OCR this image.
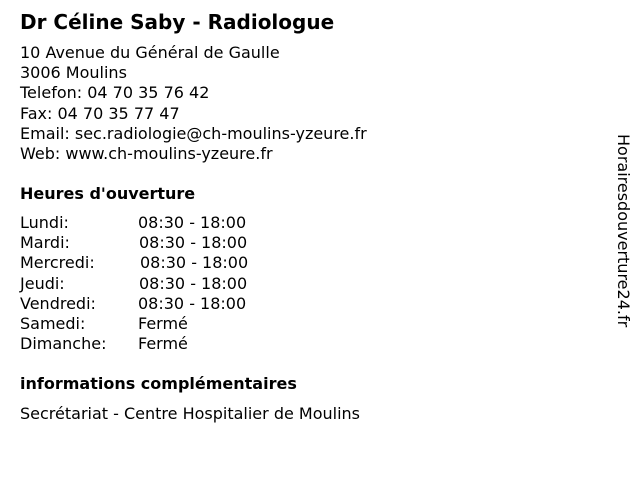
Dr Céline Saby - Radiologue
10 Avenue du Général de Gaulle
3006 Moulins
Telefon: 04 70 35 76 42
Fax: 04 70 35 77 47
Email: sec.radiologie@ch-moulins-yzeure.fr
Web: www.ch-moulins-yzeure.fr
Heures d'ouverture
Lundi:	08:30 - 18:00
Mardi:	08:30 - 18:00
Mercredi:	08:30 - 18:00
Jeudi:	08:30 - 18:00
Vendredi:	08:30 - 18:00
Samedi:	Fermé
Dimanche: Fermé
informations complémentaires
Secrétariat - Centre Hospitalier de Moulins
Horairesdouverture24.fr
